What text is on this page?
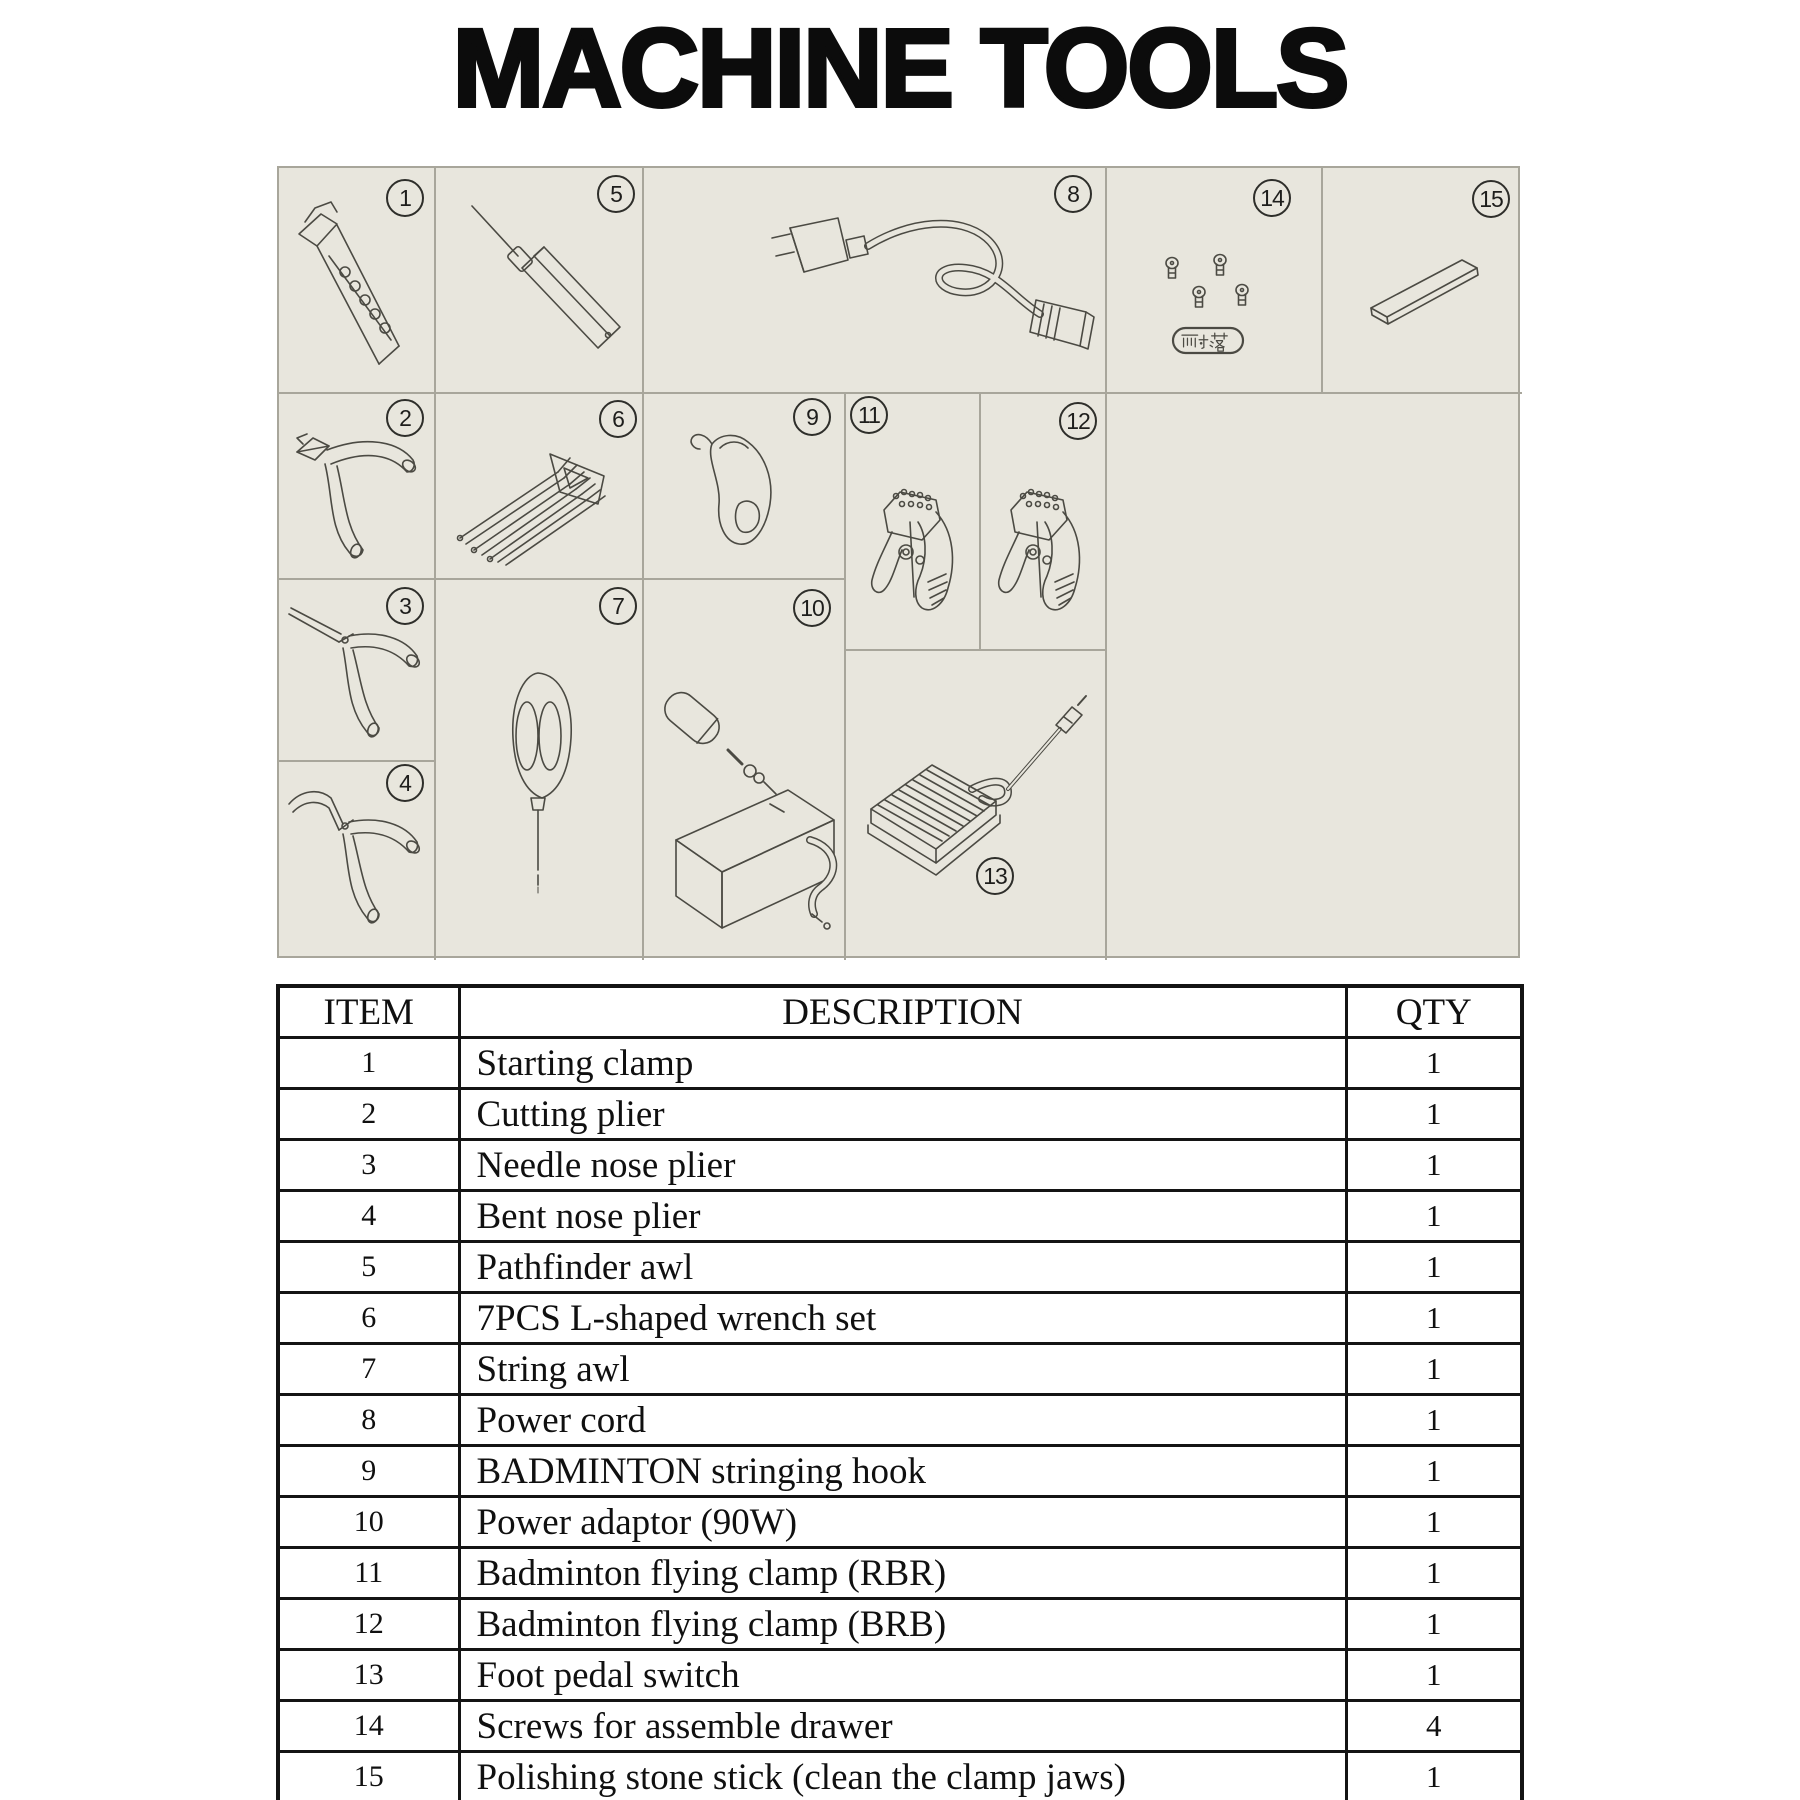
MACHINE TOOLS
1	5	8	14	15
2	6	9	11	12
3	7	10
13
4
ITEM	DESCRIPTION	QTY
1	Starting clamp	1
2	Cutting plier	1
3	Needle nose plier	1
4	Bent nose plier	1
5	Pathfinder awl	1
6	7PCS L-shaped wrench set	1
7	String awl	1
8	Power cord	1
9	BADMINTON stringing hook	1
10	Power adaptor (90W)	1
11	Badminton flying clamp (RBR)	1
12	Badminton flying clamp (BRB)	1
13	Foot pedal switch	1
14	Screws for assemble drawer	4
15	Polishing stone stick (clean the clamp jaws)	1
